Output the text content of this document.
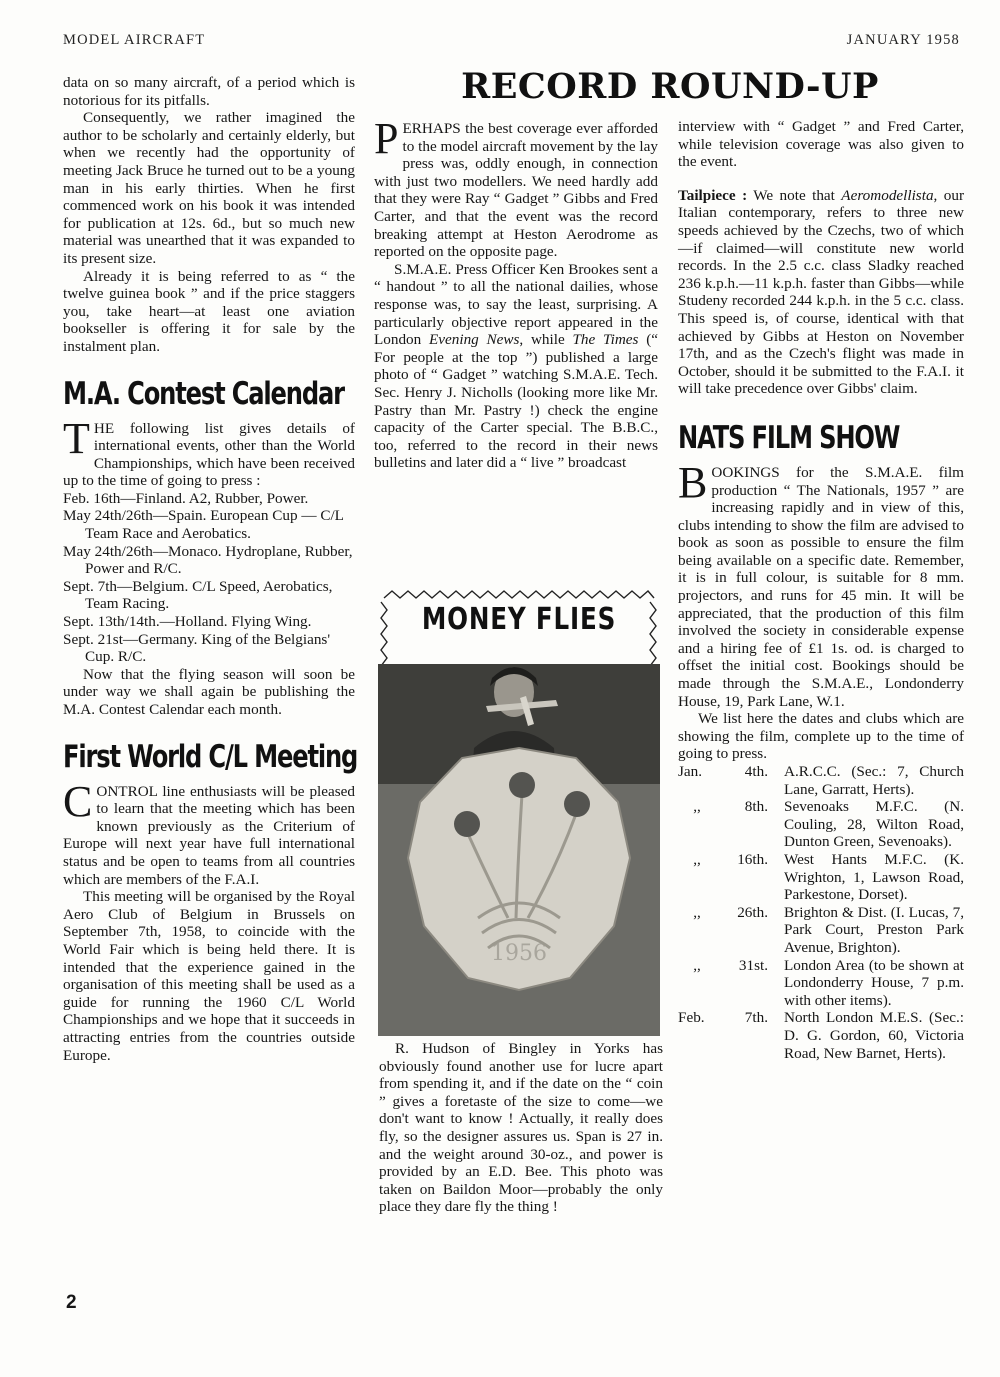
MODEL AIRCRAFT	JANUARY 1958
RECORD ROUND-UP

data on so many aircraft, of a period which is notorious for its pitfalls.

Consequently, we rather imagined the author to be scholarly and certainly elderly, but when we recently had the opportunity of meeting Jack Bruce he turned out to be a young man in his early thirties. When he first commenced work on his book it was intended for publication at 12s. 6d., but so much new material was unearthed that it was expanded to its present size.

Already it is being referred to as “ the twelve guinea book ” and if the price staggers you, take heart—at least one aviation bookseller is offering it for sale by the instalment plan.

M.A. Contest Calendar

THE following list gives details of international events, other than the World Championships, which have been received up to the time of going to press :

Feb. 16th—Finland. A2, Rubber, Power.

May 24th/26th—Spain. European Cup — C/L Team Race and Aerobatics.

May 24th/26th—Monaco. Hydroplane, Rubber, Power and R/C.

Sept. 7th—Belgium. C/L Speed, Aerobatics, Team Racing.

Sept. 13th/14th.—Holland. Flying Wing.

Sept. 21st—Germany. King of the Belgians' Cup. R/C.

Now that the flying season will soon be under way we shall again be publishing the M.A. Contest Calendar each month.

First World C/L Meeting

CONTROL line enthusiasts will be pleased to learn that the meeting which has been known previously as the Criterium of Europe will next year have full international status and be open to teams from all countries which are members of the F.A.I.

This meeting will be organised by the Royal Aero Club of Belgium in Brussels on September 7th, 1958, to coincide with the World Fair which is being held there. It is intended that the experience gained in the organisation of this meeting shall be used as a guide for running the 1960 C/L World Championships and we hope that it succeeds in attracting entries from the countries outside Europe.

PERHAPS the best coverage ever afforded to the model aircraft movement by the lay press was, oddly enough, in connection with just two modellers. We need hardly add that they were Ray “ Gadget ” Gibbs and Fred Carter, and that the event was the record breaking attempt at Heston Aerodrome as reported on the opposite page.

S.M.A.E. Press Officer Ken Brookes sent a “ handout ” to all the national dailies, whose response was, to say the least, surprising. A particularly objective report appeared in the London Evening News, while The Times (“ For people at the top ”) published a large photo of “ Gadget ” watching S.M.A.E. Tech. Sec. Henry J. Nicholls (looking more like Mr. Pastry than Mr. Pastry !) check the engine capacity of the Carter special. The B.B.C., too, referred to the record in their news bulletins and later did a “ live ” broadcast

1956
MONEY FLIES

R. Hudson of Bingley in Yorks has obviously found another use for lucre apart from spending it, and if the date on the “ coin ” gives a foretaste of the size to come—we don't want to know ! Actually, it really does fly, so the designer assures us. Span is 27 in. and the weight around 30-oz., and power is provided by an E.D. Bee. This photo was taken on Baildon Moor—probably the only place they dare fly the thing !

interview with “ Gadget ” and Fred Carter, while television coverage was also given to the event.

Tailpiece : We note that Aeromodellista, our Italian contemporary, refers to three new speeds achieved by the Czechs, two of which—if claimed—will constitute new world records. In the 2.5 c.c. class Sladky reached 236 k.p.h.—11 k.p.h. faster than Gibbs—while Studeny recorded 244 k.p.h. in the 5 c.c. class. This speed is, of course, identical with that achieved by Gibbs at Heston on November 17th, and as the Czech's flight was made in October, should it be submitted to the F.A.I. it will take precedence over Gibbs' claim.

NATS FILM SHOW

BOOKINGS for the S.M.A.E. film production “ The Nationals, 1957 ” are increasing rapidly and in view of this, clubs intending to show the film are advised to book as soon as possible to ensure the film being available on a specific date. Remember, it is in full colour, is suitable for 8 mm. projectors, and runs for 45 min. It will be appreciated, that the production of this film involved the society in considerable expense and a hiring fee of £1 1s. od. is charged to offset the initial cost. Bookings should be made through the S.M.A.E., Londonderry House, 19, Park Lane, W.1.

We list here the dates and clubs which are showing the film, complete up to the time of going to press.

Jan.	4th.	A.R.C.C. (Sec.: 7, Church Lane, Garratt, Herts).
,,	8th.	Sevenoaks M.F.C. (N. Couling, 28, Wilton Road, Dunton Green, Sevenoaks).
,,	16th.	West Hants M.F.C. (K. Wrighton, 1, Lawson Road, Parkestone, Dorset).
,,	26th.	Brighton & Dist. (I. Lucas, 7, Park Court, Preston Park Avenue, Brighton).
,,	31st.	London Area (to be shown at Londonderry House, 7 p.m. with other items).
Feb.	7th.	North London M.E.S. (Sec.: D. G. Gordon, 60, Victoria Road, New Barnet, Herts).
2
